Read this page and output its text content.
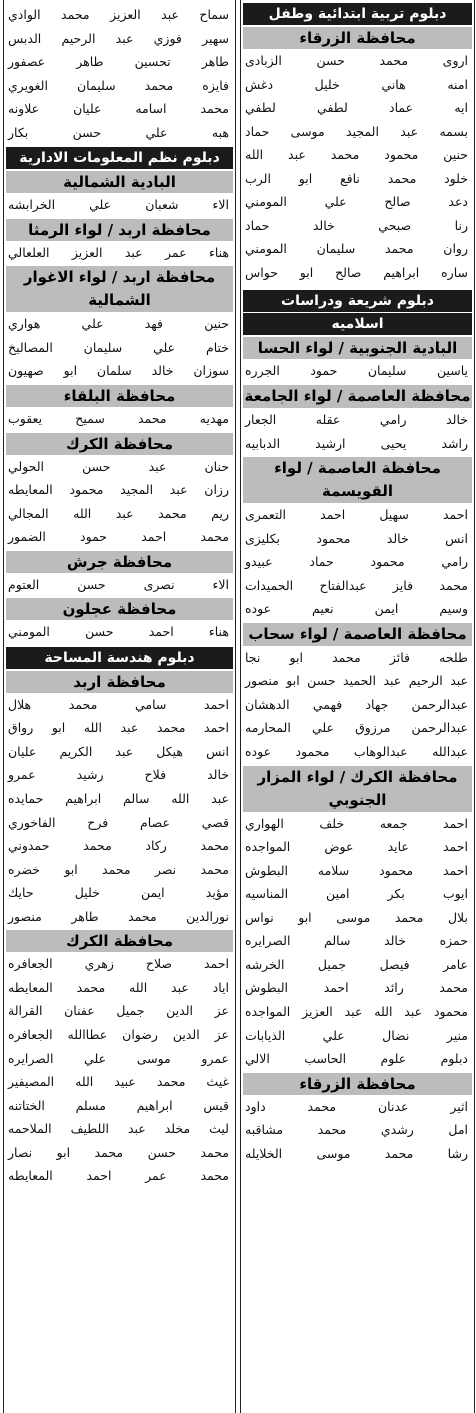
دبلوم تربية ابتدائية وطفل
محافظة الزرقاء
اروى محمد حسن الزبادى
امنه هاني خليل دغش
ايه عماد لطفي لطفي
بسمه عبد المجيد موسى حماد
حنين محمود محمد عبد الله
خلود محمد نافع ابو الرب
دعد صالح علي المومني
رنا صبحي خالد حماد
روان محمد سليمان المومني
ساره ابراهيم صالح ابو حواس
دبلوم شريعة ودراسات
اسلاميه
البادية الجنوبية / لواء الحسا
ياسين سليمان حمود الجرره
محافظة العاصمة / لواء الجامعة
خالد رامي عقله الجعار
راشد يحيى ارشيد الدبابيه
محافظة العاصمة / لواء القويسمة
احمد سهيل احمد التعمرى
انس خالد محمود بكليزى
رامي محمود حماد عبيدو
محمد فايز عبدالفتاح الحميدات
وسيم ايمن نعيم عوده
محافظة العاصمة / لواء سحاب
طلحه فائز محمد ابو نجا
عبد الرحيم عبد الحميد حسن ابو منصور
عبدالرحمن جهاد فهمي الدهشان
عبدالرحمن مرزوق علي المحارمه
عبدالله عبدالوهاب محمود عوده
محافظة الكرك / لواء المزار الجنوبي
احمد جمعه خلف الهواري
احمد عايد عوض المواجده
احمد محمود سلامه البطوش
ايوب بكر امين المناسيه
بلال محمد موسى ابو نواس
حمزه خالد سالم الصرايره
عامر فيصل جميل الخرشه
محمد رائد احمد البطوش
محمود عبد الله عبد العزيز المواجده
منير نضال علي الذيابات
دبلوم علوم الحاسب الالي
محافظة الزرقاء
اثير عدنان محمد داود
امل رشدي محمد مشاقبه
رشا محمد موسى الخلايله
سماح عبد العزيز محمد الوادي
سهير فوزي عبد الرحيم الدبس
طاهر تحسين طاهر عصفور
فايزه محمد سليمان الغويري
محمد اسامه عليان علاونه
هبه علي حسن بكار
دبلوم نظم المعلومات الادارية
البادية الشمالية
الاء شعبان علي الخرابشه
محافظة اربد / لواء الرمثا
هناء عمر عبد العزيز العلعالي
محافظة اربد / لواء الاغوار الشمالية
حنين فهد علي هواري
ختام علي سليمان المصاليخ
سوزان خالد سلمان ابو صهيون
محافظة البلقاء
مهديه محمد سميح يعقوب
محافظة الكرك
حنان عبد حسن الحولي
رزان عبد المجيد محمود المعايطه
ريم محمد عبد الله المجالي
محمد احمد حمود الضمور
محافظة جرش
الاء نصرى حسن العتوم
محافظة عجلون
هناء احمد حسن المومني
دبلوم هندسة المساحة
محافظة اربد
احمد سامي محمد هلال
احمد محمد عبد الله ابو رواق
انس هيكل عبد الكريم عليان
خالد فلاح رشيد عمرو
عبد الله سالم ابراهيم حمايده
قصي عصام فرح الفاخوري
محمد ركاد محمد حمدوني
محمد نصر محمد ابو خضره
مؤيد ايمن خليل حايك
نورالدين محمد طاهر منصور
محافظة الكرك
احمد صلاح زهري الجعافره
اياد عبد الله محمد المعايطه
عز الدين جميل عفنان القرالة
عز الدين رضوان عطاالله الجعافره
عمرو موسى علي الصرايره
غيث محمد عبيد الله المصيفير
قيس ابراهيم مسلم الختاتنه
ليث مخلد عبد اللطيف الملاحمه
محمد حسن محمد ابو نصار
محمد عمر احمد المعايطه
